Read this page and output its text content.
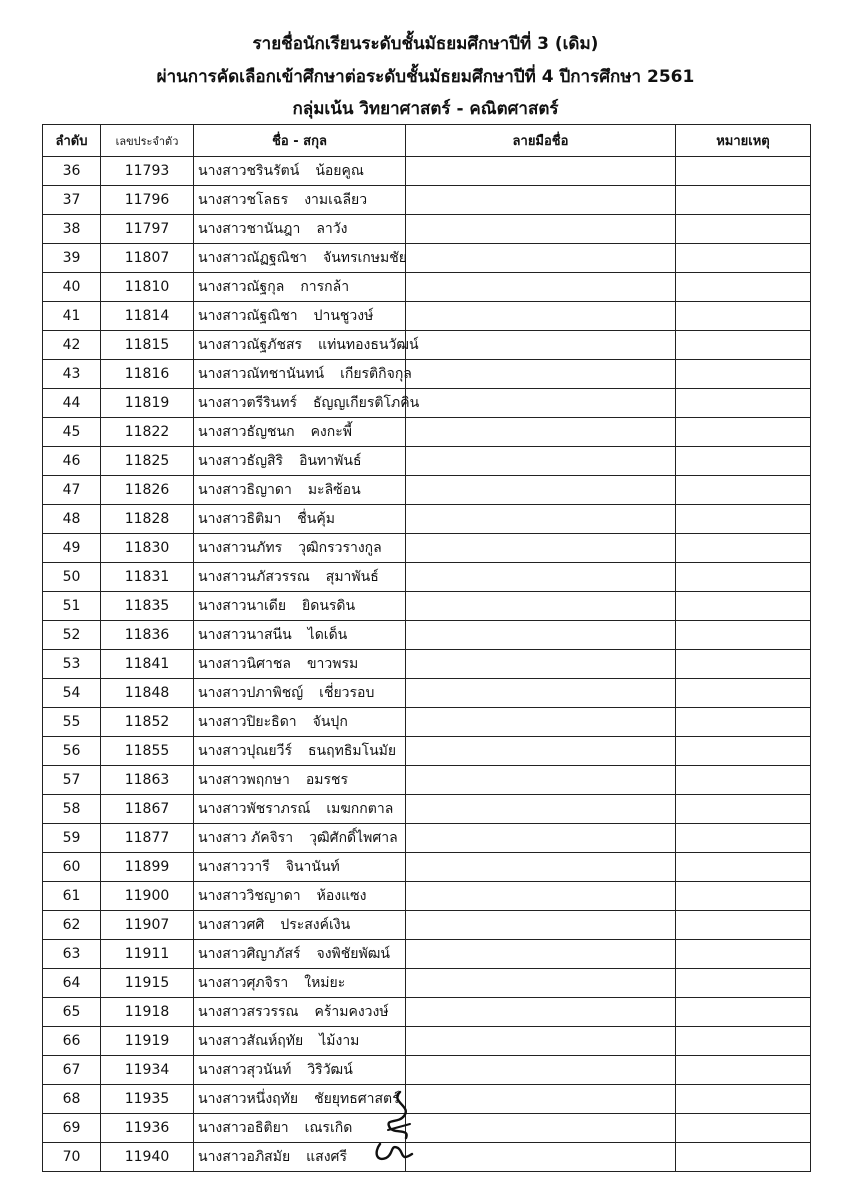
รายชื่อนักเรียนระดับชั้นมัธยมศึกษาปีที่ 3 (เดิม)
ผ่านการคัดเลือกเข้าศึกษาต่อระดับชั้นมัธยมศึกษาปีที่ 4 ปีการศึกษา 2561
กลุ่มเน้น วิทยาศาสตร์ - คณิตศาสตร์
ลำดับ	เลขประจำตัว	ชื่อ - สกุล	ลายมือชื่อ	หมายเหตุ
36	11793	นางสาวชรินรัตน์ น้อยคูณ		
37	11796	นางสาวชโลธร งามเฉลียว		
38	11797	นางสาวชานันฎา ลาวัง		
39	11807	นางสาวณัฏฐณิชา จันทรเกษมชัย		
40	11810	นางสาวณัฐกุล การกล้า		
41	11814	นางสาวณัฐณิชา ปานชูวงษ์		
42	11815	นางสาวณัฐภัชสร แท่นทองธนวัฒน์		
43	11816	นางสาวณัทชานันทน์ เกียรติกิจกุล		
44	11819	นางสาวตรีรินทร์ ธัญญเกียรติโภคิน		
45	11822	นางสาวธัญชนก คงกะพี้		
46	11825	นางสาวธัญสิริ อินทาพันธ์		
47	11826	นางสาวธิญาดา มะลิซ้อน		
48	11828	นางสาวธิติมา ชื่นคุ้ม		
49	11830	นางสาวนภัทร วุฒิกรวรางกูล		
50	11831	นางสาวนภัสวรรณ สุมาพันธ์		
51	11835	นางสาวนาเดีย ยิดนรดิน		
52	11836	นางสาวนาสนีน ไดเด็น		
53	11841	นางสาวนิศาชล ขาวพรม		
54	11848	นางสาวปภาพิชญ์ เชี่ยวรอบ		
55	11852	นางสาวปิยะธิดา จันปุก		
56	11855	นางสาวปุณยวีร์ ธนฤทธิมโนมัย		
57	11863	นางสาวพฤกษา อมรชร		
58	11867	นางสาวพัชราภรณ์ เมฆกกตาล		
59	11877	นางสาว ภัคจิรา วุฒิศักดิ์ไพศาล		
60	11899	นางสาววารี จินานันท์		
61	11900	นางสาววิชญาดา ห้องแซง		
62	11907	นางสาวศศิ ประสงค์เงิน		
63	11911	นางสาวศิญาภัสร์ จงพิชัยพัฒน์		
64	11915	นางสาวศุภจิรา ใหม่ยะ		
65	11918	นางสาวสรวรรณ คร้ามคงวงษ์		
66	11919	นางสาวสัณห์ฤทัย ไม้งาม		
67	11934	นางสาวสุวนันท์ วิริวัฒน์		
68	11935	นางสาวหนึ่งฤทัย ชัยยุทธศาสตร์		
69	11936	นางสาวอธิติยา เณรเกิด		
70	11940	นางสาวอภิสมัย แสงศรี		
